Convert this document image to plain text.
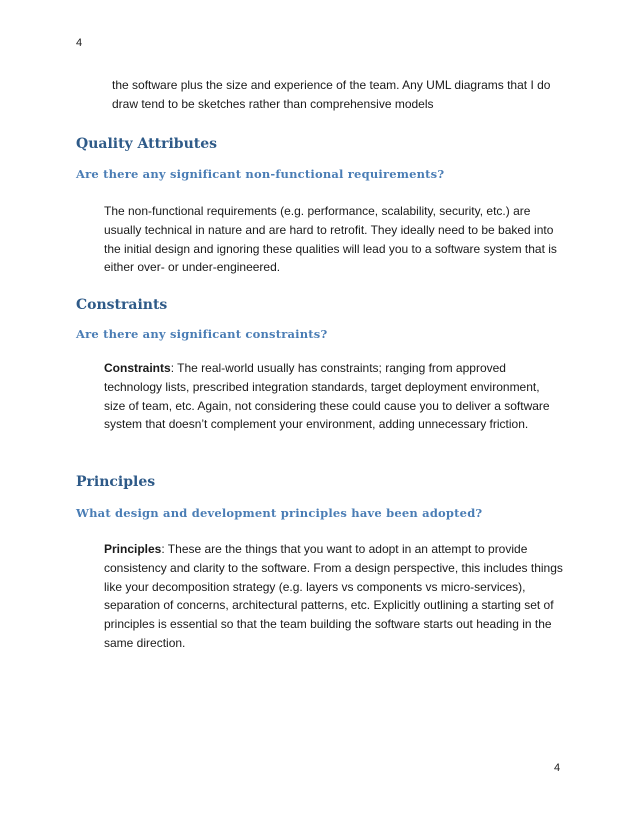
4

the software plus the size and experience of the team. Any UML diagrams that I do draw tend to be sketches rather than comprehensive models

Quality Attributes
Are there any significant non-functional requirements?

The non-functional requirements (e.g. performance, scalability, security, etc.) are usually technical in nature and are hard to retrofit. They ideally need to be baked into the initial design and ignoring these qualities will lead you to a software system that is either over- or under-engineered.

Constraints
Are there any significant constraints?

Constraints: The real-world usually has constraints; ranging from approved technology lists, prescribed integration standards, target deployment environment, size of team, etc. Again, not considering these could cause you to deliver a software system that doesn’t complement your environment, adding unnecessary friction.

Principles
What design and development principles have been adopted?

Principles: These are the things that you want to adopt in an attempt to provide consistency and clarity to the software. From a design perspective, this includes things like your decomposition strategy (e.g. layers vs components vs micro-services), separation of concerns, architectural patterns, etc. Explicitly outlining a starting set of principles is essential so that the team building the software starts out heading in the same direction.

4
